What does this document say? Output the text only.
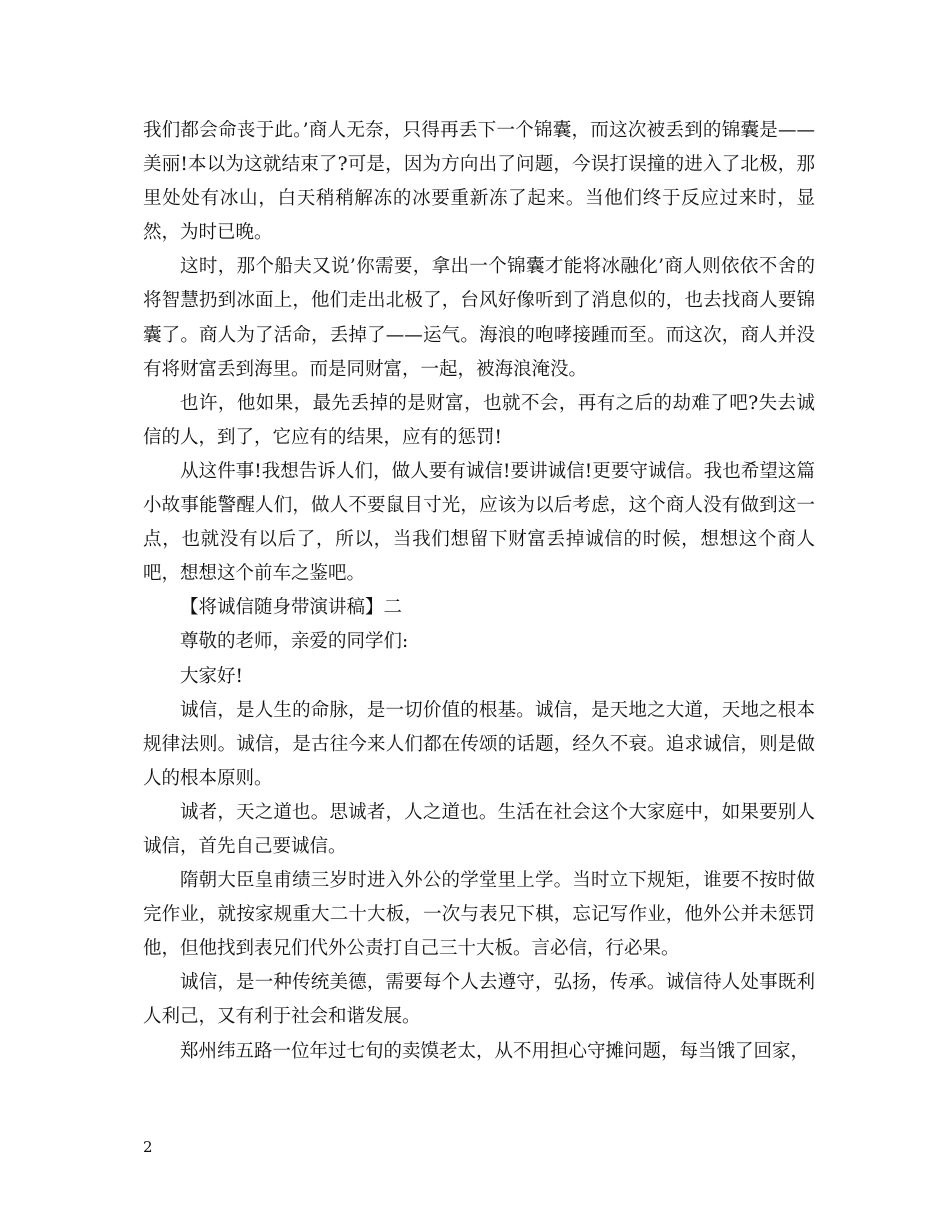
我们都会命丧于此。’商人无奈，只得再丢下一个锦囊，而这次被丢到的锦囊是——美丽!本以为这就结束了?可是，因为方向出了问题，今误打误撞的进入了北极，那里处处有冰山，白天稍稍解冻的冰要重新冻了起来。当他们终于反应过来时，显然，为时已晚。

这时，那个船夫又说’你需要，拿出一个锦囊才能将冰融化’商人则依依不舍的将智慧扔到冰面上，他们走出北极了，台风好像听到了消息似的，也去找商人要锦囊了。商人为了活命，丢掉了——运气。海浪的咆哮接踵而至。而这次，商人并没有将财富丢到海里。而是同财富，一起，被海浪淹没。

也许，他如果，最先丢掉的是财富，也就不会，再有之后的劫难了吧?失去诚信的人，到了，它应有的结果，应有的惩罚!

从这件事!我想告诉人们，做人要有诚信!要讲诚信!更要守诚信。我也希望这篇小故事能警醒人们，做人不要鼠目寸光，应该为以后考虑，这个商人没有做到这一点，也就没有以后了，所以，当我们想留下财富丢掉诚信的时候，想想这个商人吧，想想这个前车之鉴吧。

【将诚信随身带演讲稿】二

尊敬的老师，亲爱的同学们:

大家好!

诚信，是人生的命脉，是一切价值的根基。诚信，是天地之大道，天地之根本规律法则。诚信，是古往今来人们都在传颂的话题，经久不衰。追求诚信，则是做人的根本原则。

诚者，天之道也。思诚者，人之道也。生活在社会这个大家庭中，如果要别人诚信，首先自己要诚信。

隋朝大臣皇甫绩三岁时进入外公的学堂里上学。当时立下规矩，谁要不按时做完作业，就按家规重大二十大板，一次与表兄下棋，忘记写作业，他外公并未惩罚他，但他找到表兄们代外公责打自己三十大板。言必信，行必果。

诚信，是一种传统美德，需要每个人去遵守，弘扬，传承。诚信待人处事既利人利己，又有利于社会和谐发展。

郑州纬五路一位年过七旬的卖馍老太，从不用担心守摊问题，每当饿了回家，

2
